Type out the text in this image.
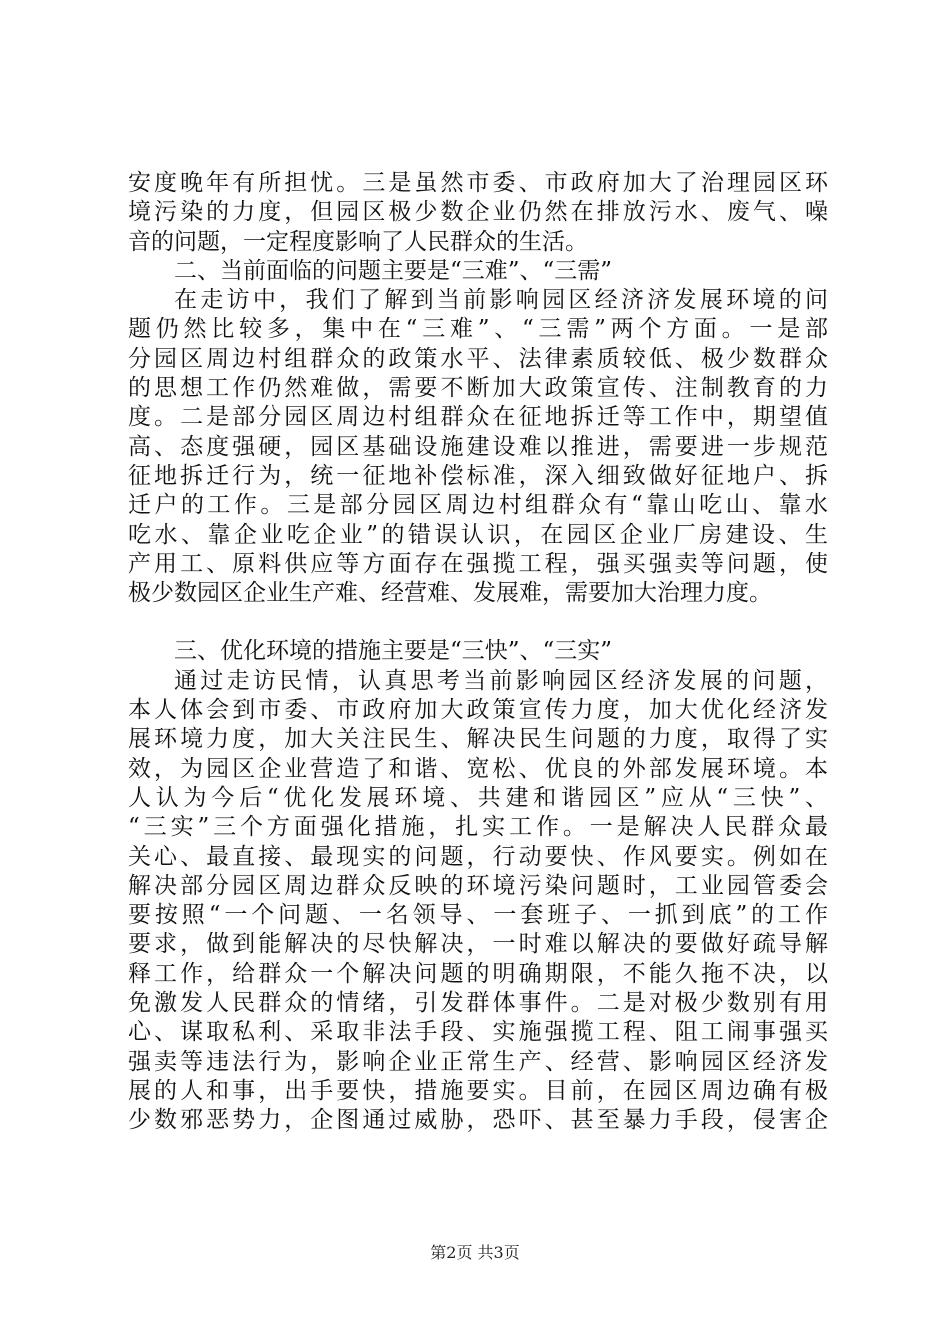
安度晚年有所担忧。三是虽然市委、市政府加大了治理园区环
境污染的力度，但园区极少数企业仍然在排放污水、废气、噪
音的问题，一定程度影响了人民群众的生活。
二、当前面临的问题主要是“三难”、“三需”
在走访中，我们了解到当前影响园区经济济发展环境的问
题仍然比较多，集中在“三难”、“三需”两个方面。一是部
分园区周边村组群众的政策水平、法律素质较低、极少数群众
的思想工作仍然难做，需要不断加大政策宣传、注制教育的力
度。二是部分园区周边村组群众在征地拆迁等工作中，期望值
高、态度强硬，园区基础设施建设难以推进，需要进一步规范
征地拆迁行为，统一征地补偿标准，深入细致做好征地户、拆
迁户的工作。三是部分园区周边村组群众有“靠山吃山、靠水
吃水、靠企业吃企业”的错误认识，在园区企业厂房建设、生
产用工、原料供应等方面存在强揽工程，强买强卖等问题，使
极少数园区企业生产难、经营难、发展难，需要加大治理力度。
三、优化环境的措施主要是“三快”、“三实”
通过走访民情，认真思考当前影响园区经济发展的问题，
本人体会到市委、市政府加大政策宣传力度，加大优化经济发
展环境力度，加大关注民生、解决民生问题的力度，取得了实
效，为园区企业营造了和谐、宽松、优良的外部发展环境。本
人认为今后“优化发展环境、共建和谐园区”应从“三快”、
“三实”三个方面强化措施，扎实工作。一是解决人民群众最
关心、最直接、最现实的问题，行动要快、作风要实。例如在
解决部分园区周边群众反映的环境污染问题时，工业园管委会
要按照“一个问题、一名领导、一套班子、一抓到底”的工作
要求，做到能解决的尽快解决，一时难以解决的要做好疏导解
释工作，给群众一个解决问题的明确期限，不能久拖不决，以
免激发人民群众的情绪，引发群体事件。二是对极少数别有用
心、谋取私利、采取非法手段、实施强揽工程、阻工闹事强买
强卖等违法行为，影响企业正常生产、经营、影响园区经济发
展的人和事，出手要快，措施要实。目前，在园区周边确有极
少数邪恶势力，企图通过威胁，恐吓、甚至暴力手段，侵害企
第2页 共3页
